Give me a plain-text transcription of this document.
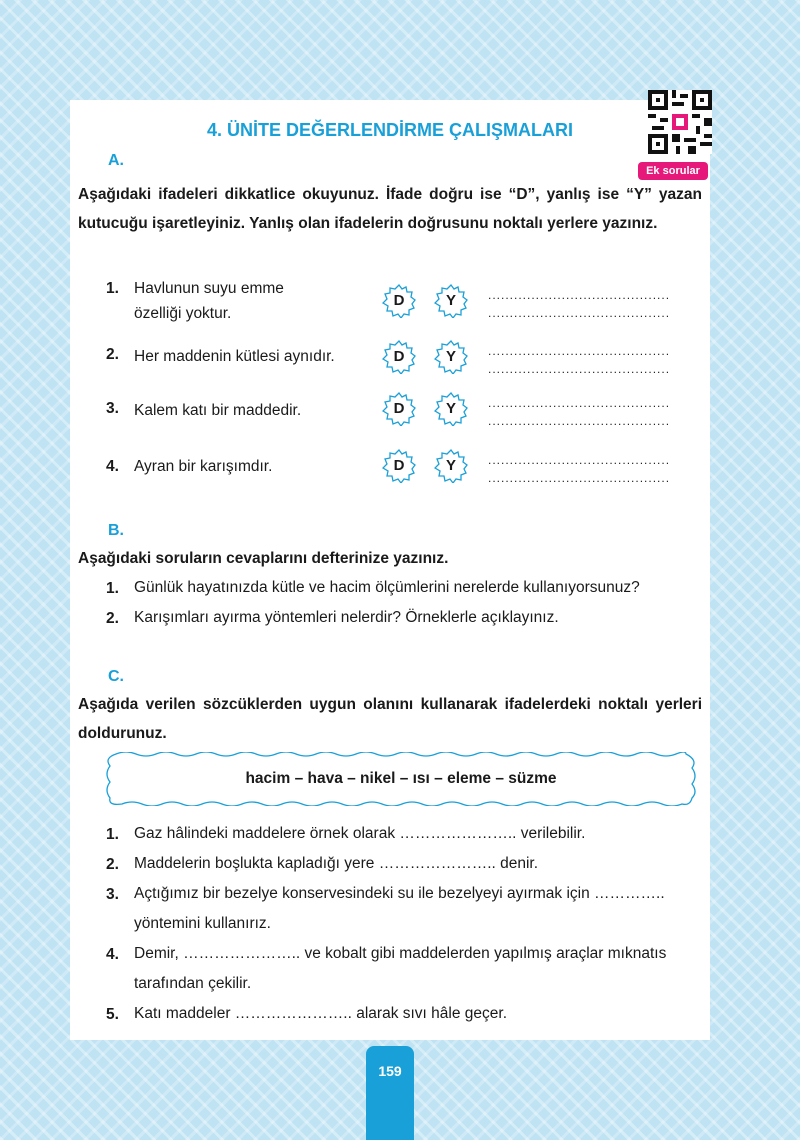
Ek sorular
4. ÜNİTE DEĞERLENDİRME ÇALIŞMALARI
A.
Aşağıdaki ifadeleri dikkatlice okuyunuz. İfade doğru ise “D”, yanlış ise “Y” yazan kutucuğu işaretleyiniz. Yanlış olan ifadelerin doğrusunu noktalı yerlere yazınız.
1. Havlunun suyu emme özelliği yoktur.
D	Y	..........................................
..........................................
2. Her maddenin kütlesi aynıdır.	D	Y	..........................................
..........................................
3. Kalem katı bir maddedir.	D	Y	..........................................
..........................................
4. Ayran bir karışımdır.	D	Y	..........................................
..........................................
B.
Aşağıdaki soruların cevaplarını defterinize yazınız.
1. Günlük hayatınızda kütle ve hacim ölçümlerini nerelerde kullanıyorsunuz?
2. Karışımları ayırma yöntemleri nelerdir? Örneklerle açıklayınız.
C.
Aşağıda verilen sözcüklerden uygun olanını kullanarak ifadelerdeki noktalı yerleri doldurunuz.
hacim – hava – nikel – ısı – eleme – süzme
1. Gaz hâlindeki maddelere örnek olarak ………………….. verilebilir.
2. Maddelerin boşlukta kapladığı yere ………………….. denir.
3. Açtığımız bir bezelye konservesindeki su ile bezelyeyi ayırmak için ………….. yöntemini kullanırız.
4. Demir, ………………….. ve kobalt gibi maddelerden yapılmış araçlar mıknatıs tarafından çekilir.
5. Katı maddeler ………………….. alarak sıvı hâle geçer.
159
